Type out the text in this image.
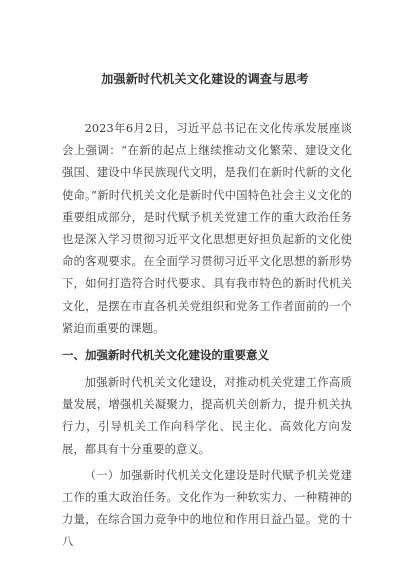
加强新时代机关文化建设的调查与思考

2023年6月2日，习近平总书记在文化传承发展座谈会上强调：“在新的起点上继续推动文化繁荣、建设文化强国、建设中华民族现代文明，是我们在新时代新的文化使命。”新时代机关文化是新时代中国特色社会主义文化的重要组成部分，是时代赋予机关党建工作的重大政治任务也是深入学习贯彻习近平文化思想更好担负起新的文化使命的客观要求。在全面学习贯彻习近平文化思想的新形势下，如何打造符合时代要求、具有我市特色的新时代机关文化，是摆在市直各机关党组织和党务工作者面前的一个紧迫而重要的课题。

一、加强新时代机关文化建设的重要意义

加强新时代机关文化建设，对推动机关党建工作高质量发展，增强机关凝聚力，提高机关创新力，提升机关执行力，引导机关工作向科学化、民主化、高效化方向发展，都具有十分重要的意义。

（一）加强新时代机关文化建设是时代赋予机关党建工作的重大政治任务。文化作为一种软实力、一种精神的力量，在综合国力竞争中的地位和作用日益凸显。党的十八
